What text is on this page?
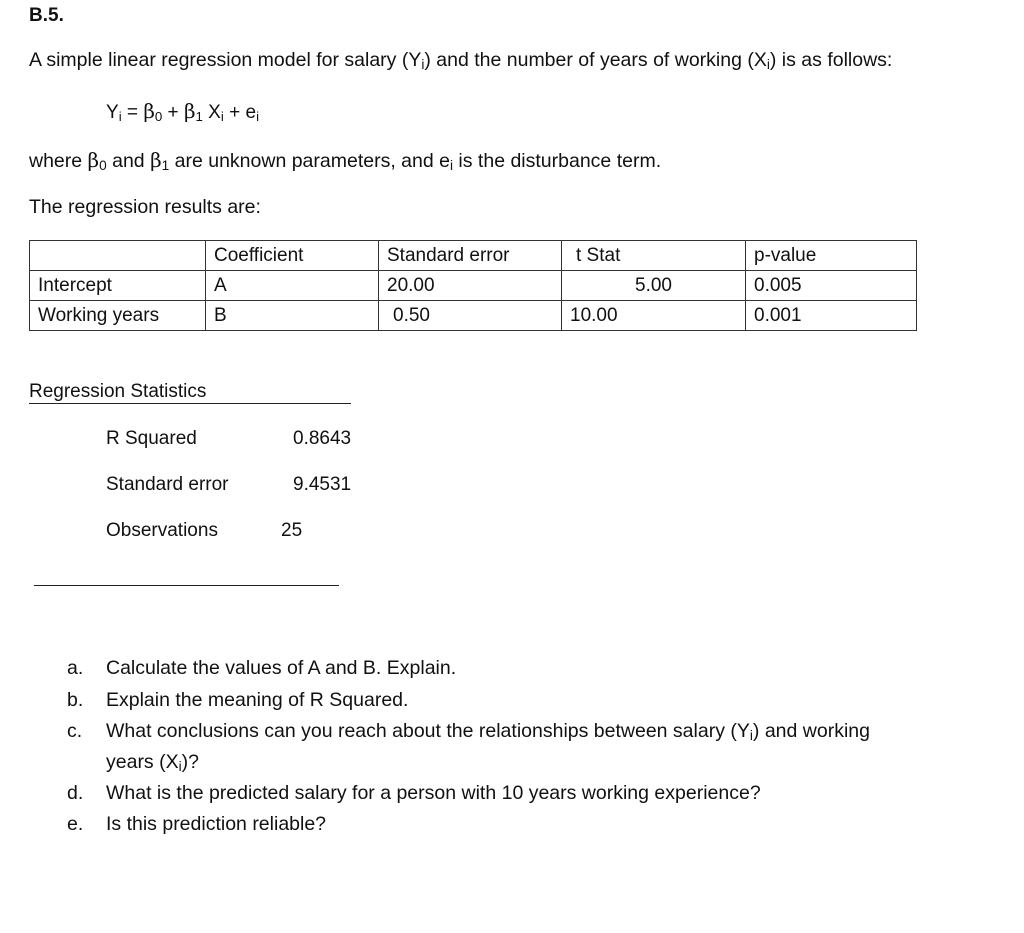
B.5.
A simple linear regression model for salary $(Y_i)$ and the number of years of working $(X_i)$ is as follows:
$Y_i = \beta_0 + \beta_1$ $X_i + e_i$
where $\beta_0$ and $\beta_1$ are unknown parameters, and $e_i$ is the disturbance term.
The regression results are:
	Coefficient	Standard error	t Stat	p-value
Intercept	A	20.00	5.00	0.005
Working years	B	0.50	10.00	0.001
Regression Statistics
R Squared	0.8643
Standard error	9.4531
Observations	25
a. Calculate the values of A and B. Explain.
b. Explain the meaning of R Squared.
c. What conclusions can you reach about the relationships between salary $(Y_i)$ and working
years $(X_i)$?
d. What is the predicted salary for a person with 10 years working experience?
e. Is this prediction reliable?
